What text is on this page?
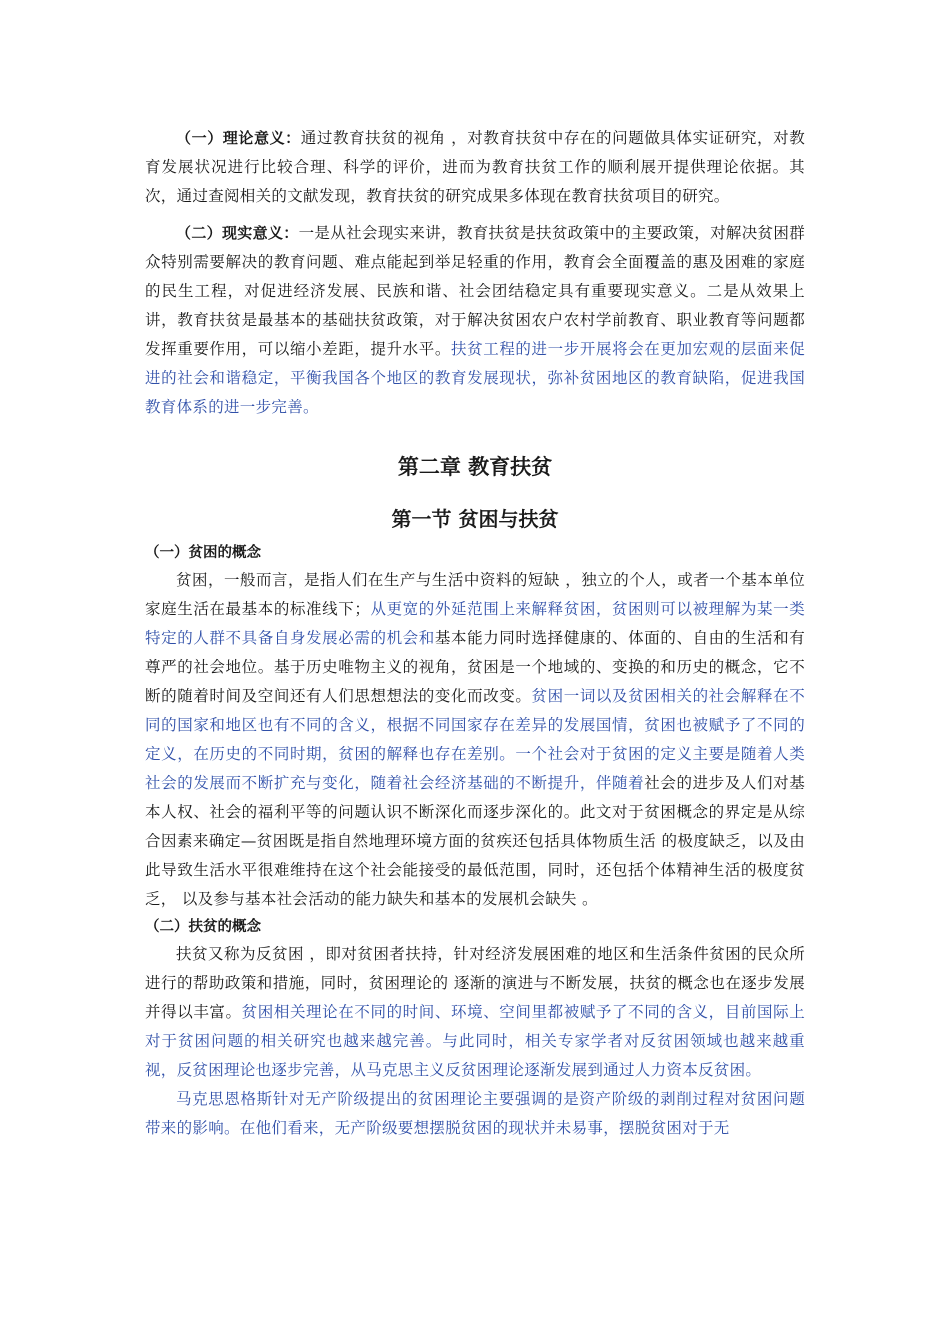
（一）理论意义：通过教育扶贫的视角 ，对教育扶贫中存在的问题做具体实证研究，对教育发展状况进行比较合理、科学的评价，进而为教育扶贫工作的顺利展开提供理论依据。其次，通过查阅相关的文献发现，教育扶贫的研究成果多体现在教育扶贫项目的研究。

（二）现实意义：一是从社会现实来讲，教育扶贫是扶贫政策中的主要政策，对解决贫困群众特别需要解决的教育问题、难点能起到举足轻重的作用，教育会全面覆盖的惠及困难的家庭的民生工程，对促进经济发展、民族和谐、社会团结稳定具有重要现实意义。二是从效果上讲，教育扶贫是最基本的基础扶贫政策，对于解决贫困农户农村学前教育、职业教育等问题都发挥重要作用，可以缩小差距，提升水平。扶贫工程的进一步开展将会在更加宏观的层面来促进的社会和谐稳定，平衡我国各个地区的教育发展现状，弥补贫困地区的教育缺陷，促进我国教育体系的进一步完善。

第二章 教育扶贫
第一节 贫困与扶贫
（一）贫困的概念

贫困，一般而言，是指人们在生产与生活中资料的短缺 ，独立的个人，或者一个基本单位家庭生活在最基本的标准线下；从更宽的外延范围上来解释贫困，贫困则可以被理解为某一类特定的人群不具备自身发展必需的机会和基本能力同时选择健康的、体面的、自由的生活和有尊严的社会地位。基于历史唯物主义的视角，贫困是一个地域的、变换的和历史的概念，它不断的随着时间及空间还有人们思想想法的变化而改变。贫困一词以及贫困相关的社会解释在不同的国家和地区也有不同的含义，根据不同国家存在差异的发展国情，贫困也被赋予了不同的定义，在历史的不同时期，贫困的解释也存在差别。一个社会对于贫困的定义主要是随着人类社会的发展而不断扩充与变化，随着社会经济基础的不断提升，伴随着社会的进步及人们对基本人权、社会的福利平等的问题认识不断深化而逐步深化的。此文对于贫困概念的界定是从综合因素来确定—贫困既是指自然地理环境方面的贫疾还包括具体物质生活 的极度缺乏，以及由此导致生活水平很难维持在这个社会能接受的最低范围，同时，还包括个体精神生活的极度贫乏， 以及参与基本社会活动的能力缺失和基本的发展机会缺失 。

（二）扶贫的概念

扶贫又称为反贫困 ，即对贫困者扶持，针对经济发展困难的地区和生活条件贫困的民众所进行的帮助政策和措施，同时，贫困理论的 逐渐的演进与不断发展，扶贫的概念也在逐步发展并得以丰富。贫困相关理论在不同的时间、环境、空间里都被赋予了不同的含义，目前国际上对于贫困问题的相关研究也越来越完善。与此同时，相关专家学者对反贫困领域也越来越重视，反贫困理论也逐步完善，从马克思主义反贫困理论逐渐发展到通过人力资本反贫困。

马克思恩格斯针对无产阶级提出的贫困理论主要强调的是资产阶级的剥削过程对贫困问题带来的影响。在他们看来，无产阶级要想摆脱贫困的现状并未易事，摆脱贫困对于无
